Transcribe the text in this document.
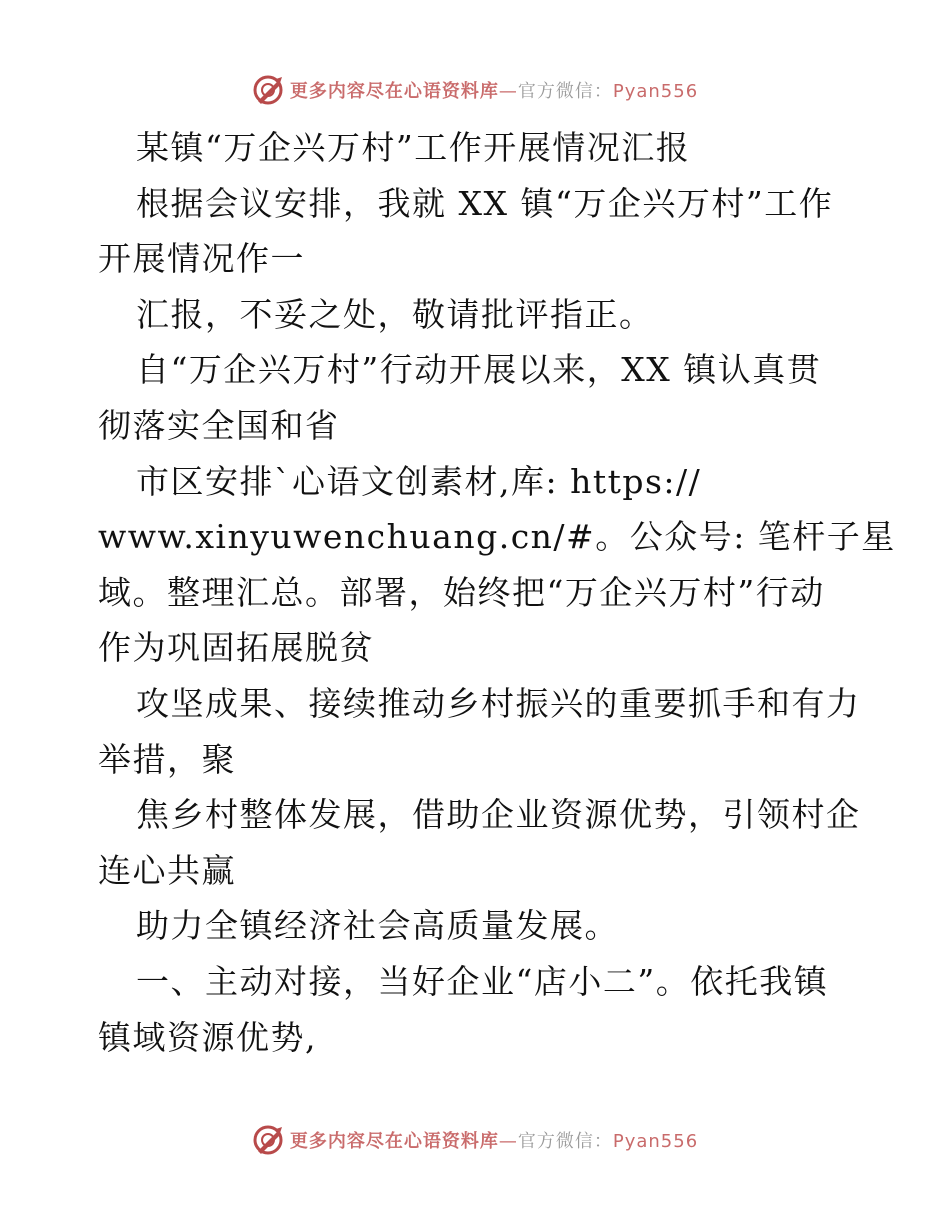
更多内容尽在心语资料库—官方微信：Pyan556
某镇“万企兴万村”工作开展情况汇报
根据会议安排，我就 XX 镇“万企兴万村”工作
开展情况作一
汇报，不妥之处，敬请批评指正。
自“万企兴万村”行动开展以来，XX 镇认真贯
彻落实全国和省
市区安排`心语文创素材,库: https://
www.xinyuwenchuang.cn/#。公众号: 笔杆子星
域。整理汇总。部署，始终把“万企兴万村”行动
作为巩固拓展脱贫
攻坚成果、接续推动乡村振兴的重要抓手和有力
举措，聚
焦乡村整体发展，借助企业资源优势，引领村企
连心共赢
助力全镇经济社会高质量发展。
一、主动对接，当好企业“店小二”。依托我镇
镇域资源优势,
更多内容尽在心语资料库—官方微信：Pyan556
